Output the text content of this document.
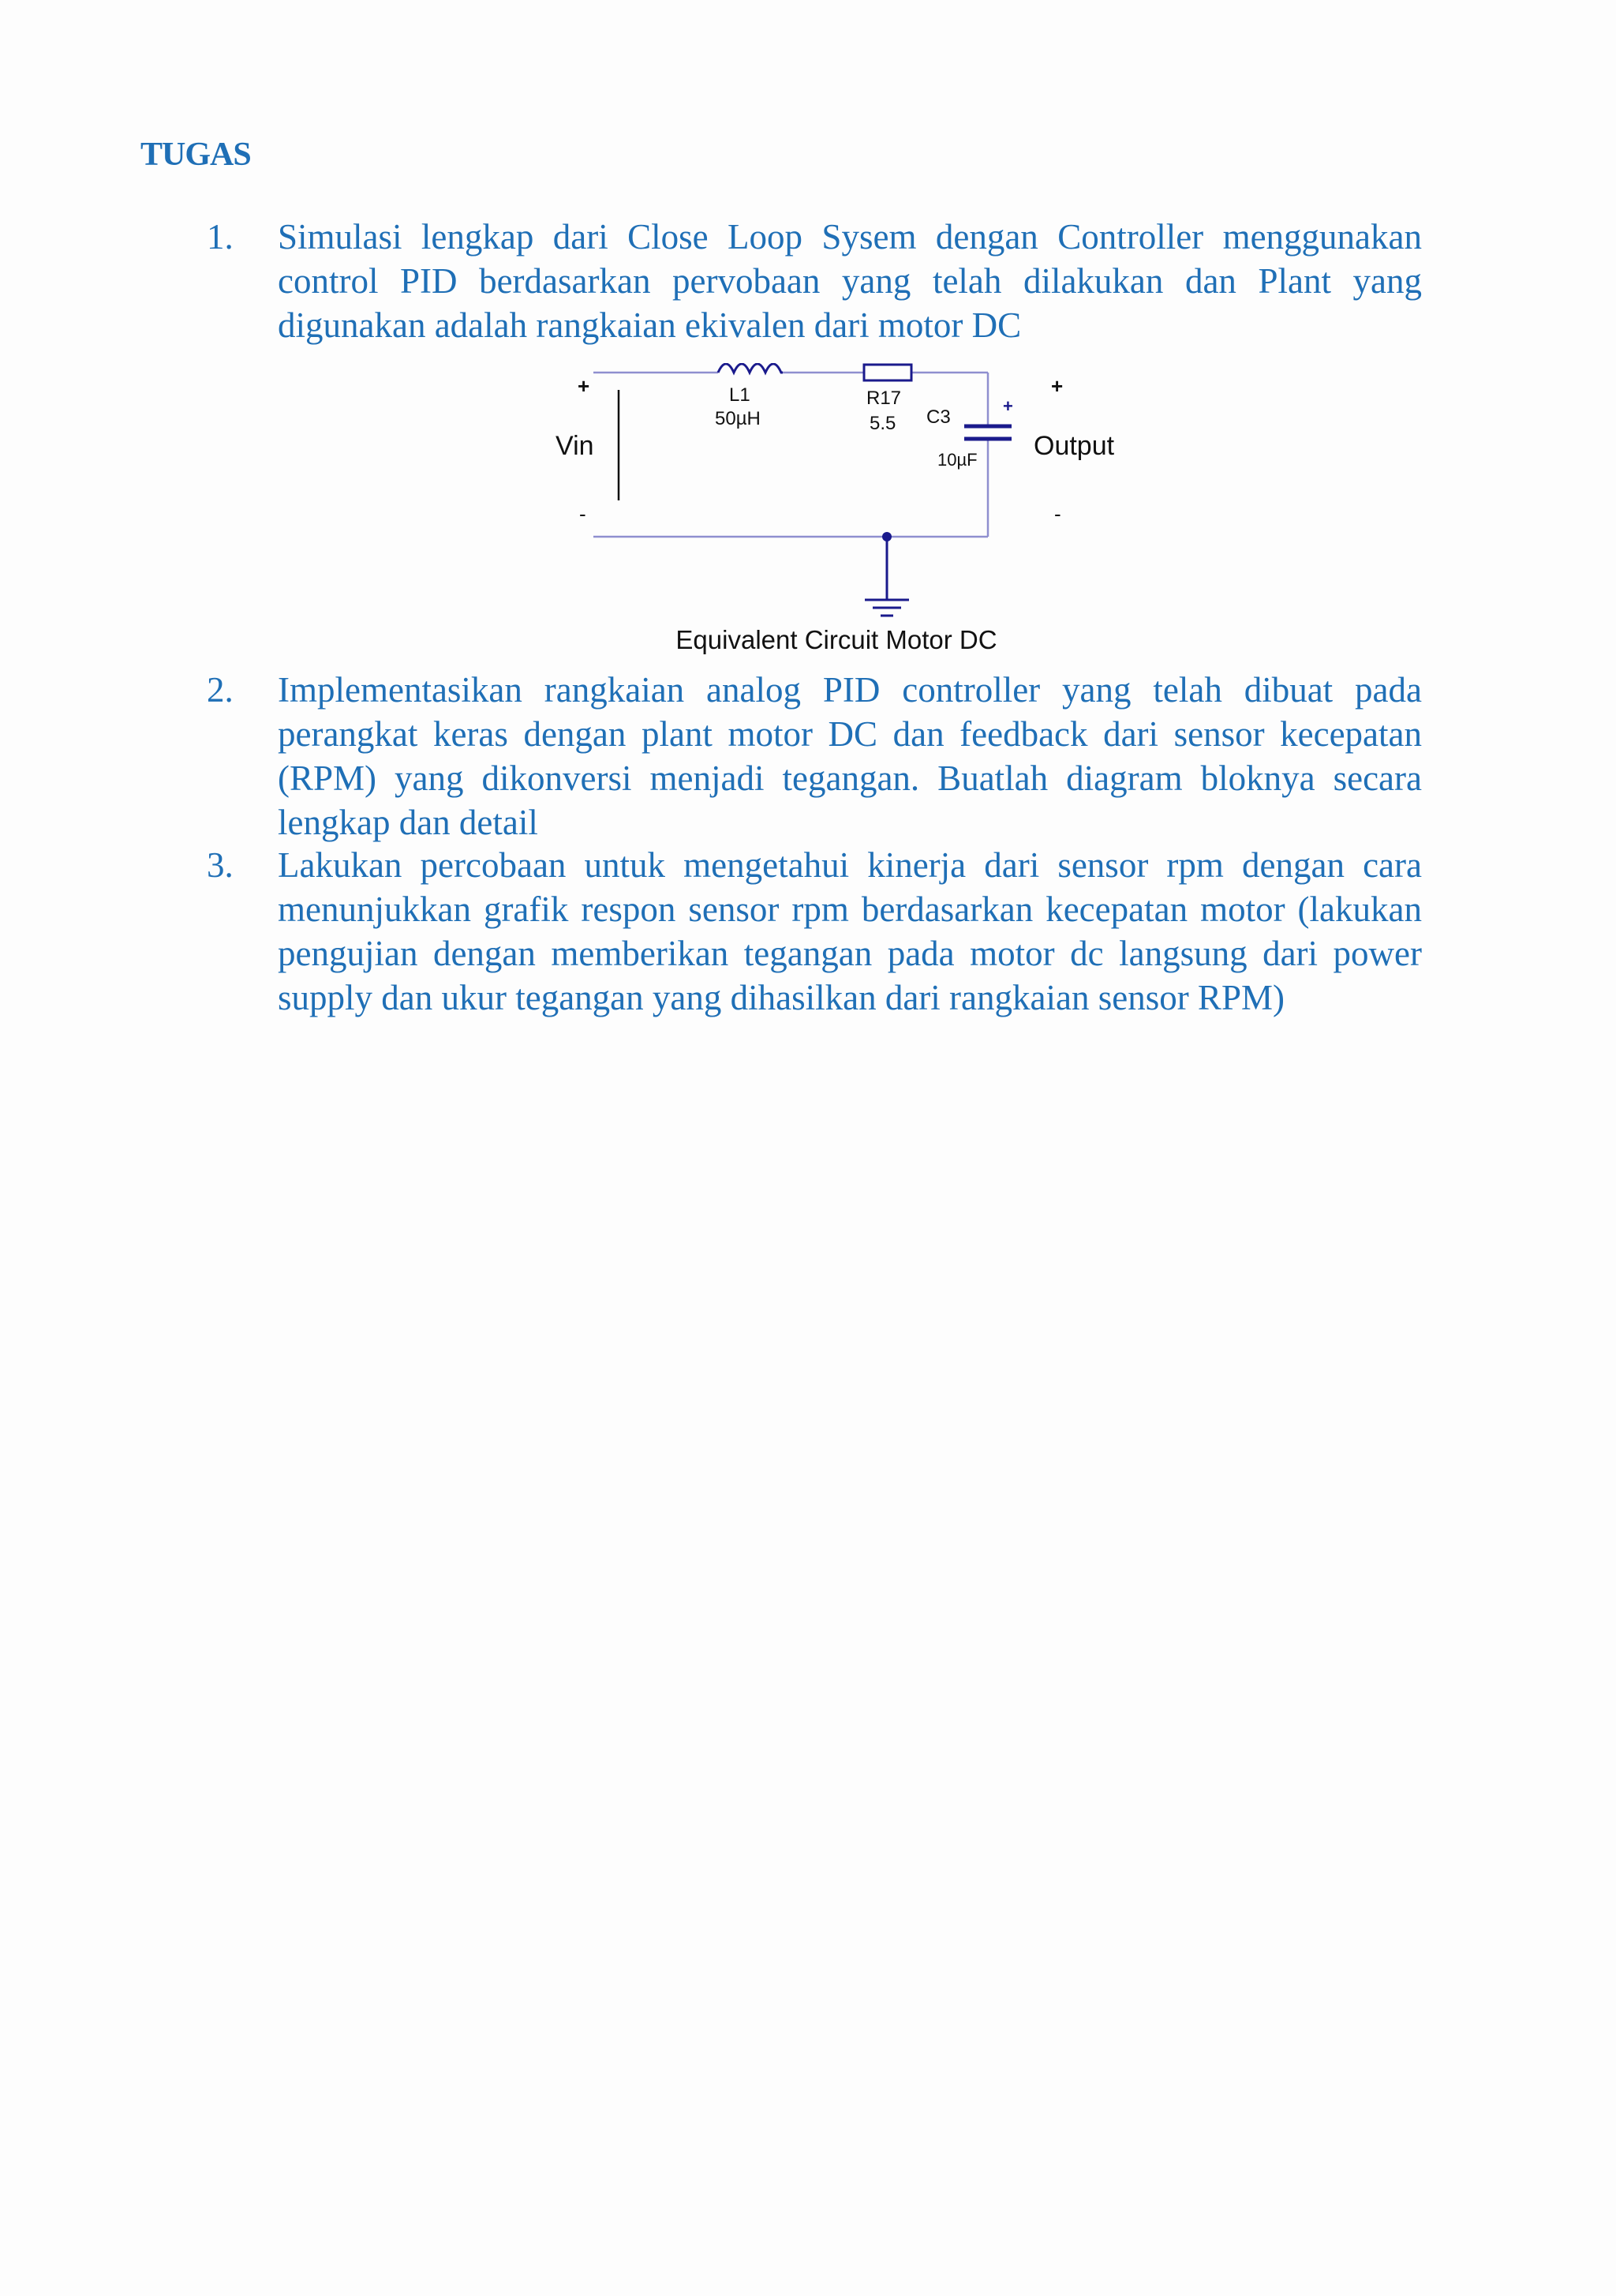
TUGAS
1.	Simulasi lengkap dari Close Loop Sysem dengan Controller menggunakan control PID berdasarkan pervobaan yang telah dilakukan dan Plant yang digunakan adalah rangkaian ekivalen dari motor DC
+
Vin
-
L1
50µH
R17
5.5 C3
10µF
+
+
Output
-
Equivalent Circuit Motor DC
2.	Implementasikan rangkaian analog PID controller yang telah dibuat pada perangkat keras dengan plant motor DC dan feedback dari sensor kecepatan (RPM) yang dikonversi menjadi tegangan. Buatlah diagram bloknya secara lengkap dan detail
3.	Lakukan percobaan untuk mengetahui kinerja dari sensor rpm dengan cara menunjukkan grafik respon sensor rpm berdasarkan kecepatan motor (lakukan pengujian dengan memberikan tegangan pada motor dc langsung dari power supply dan ukur tegangan yang dihasilkan dari rangkaian sensor RPM)
